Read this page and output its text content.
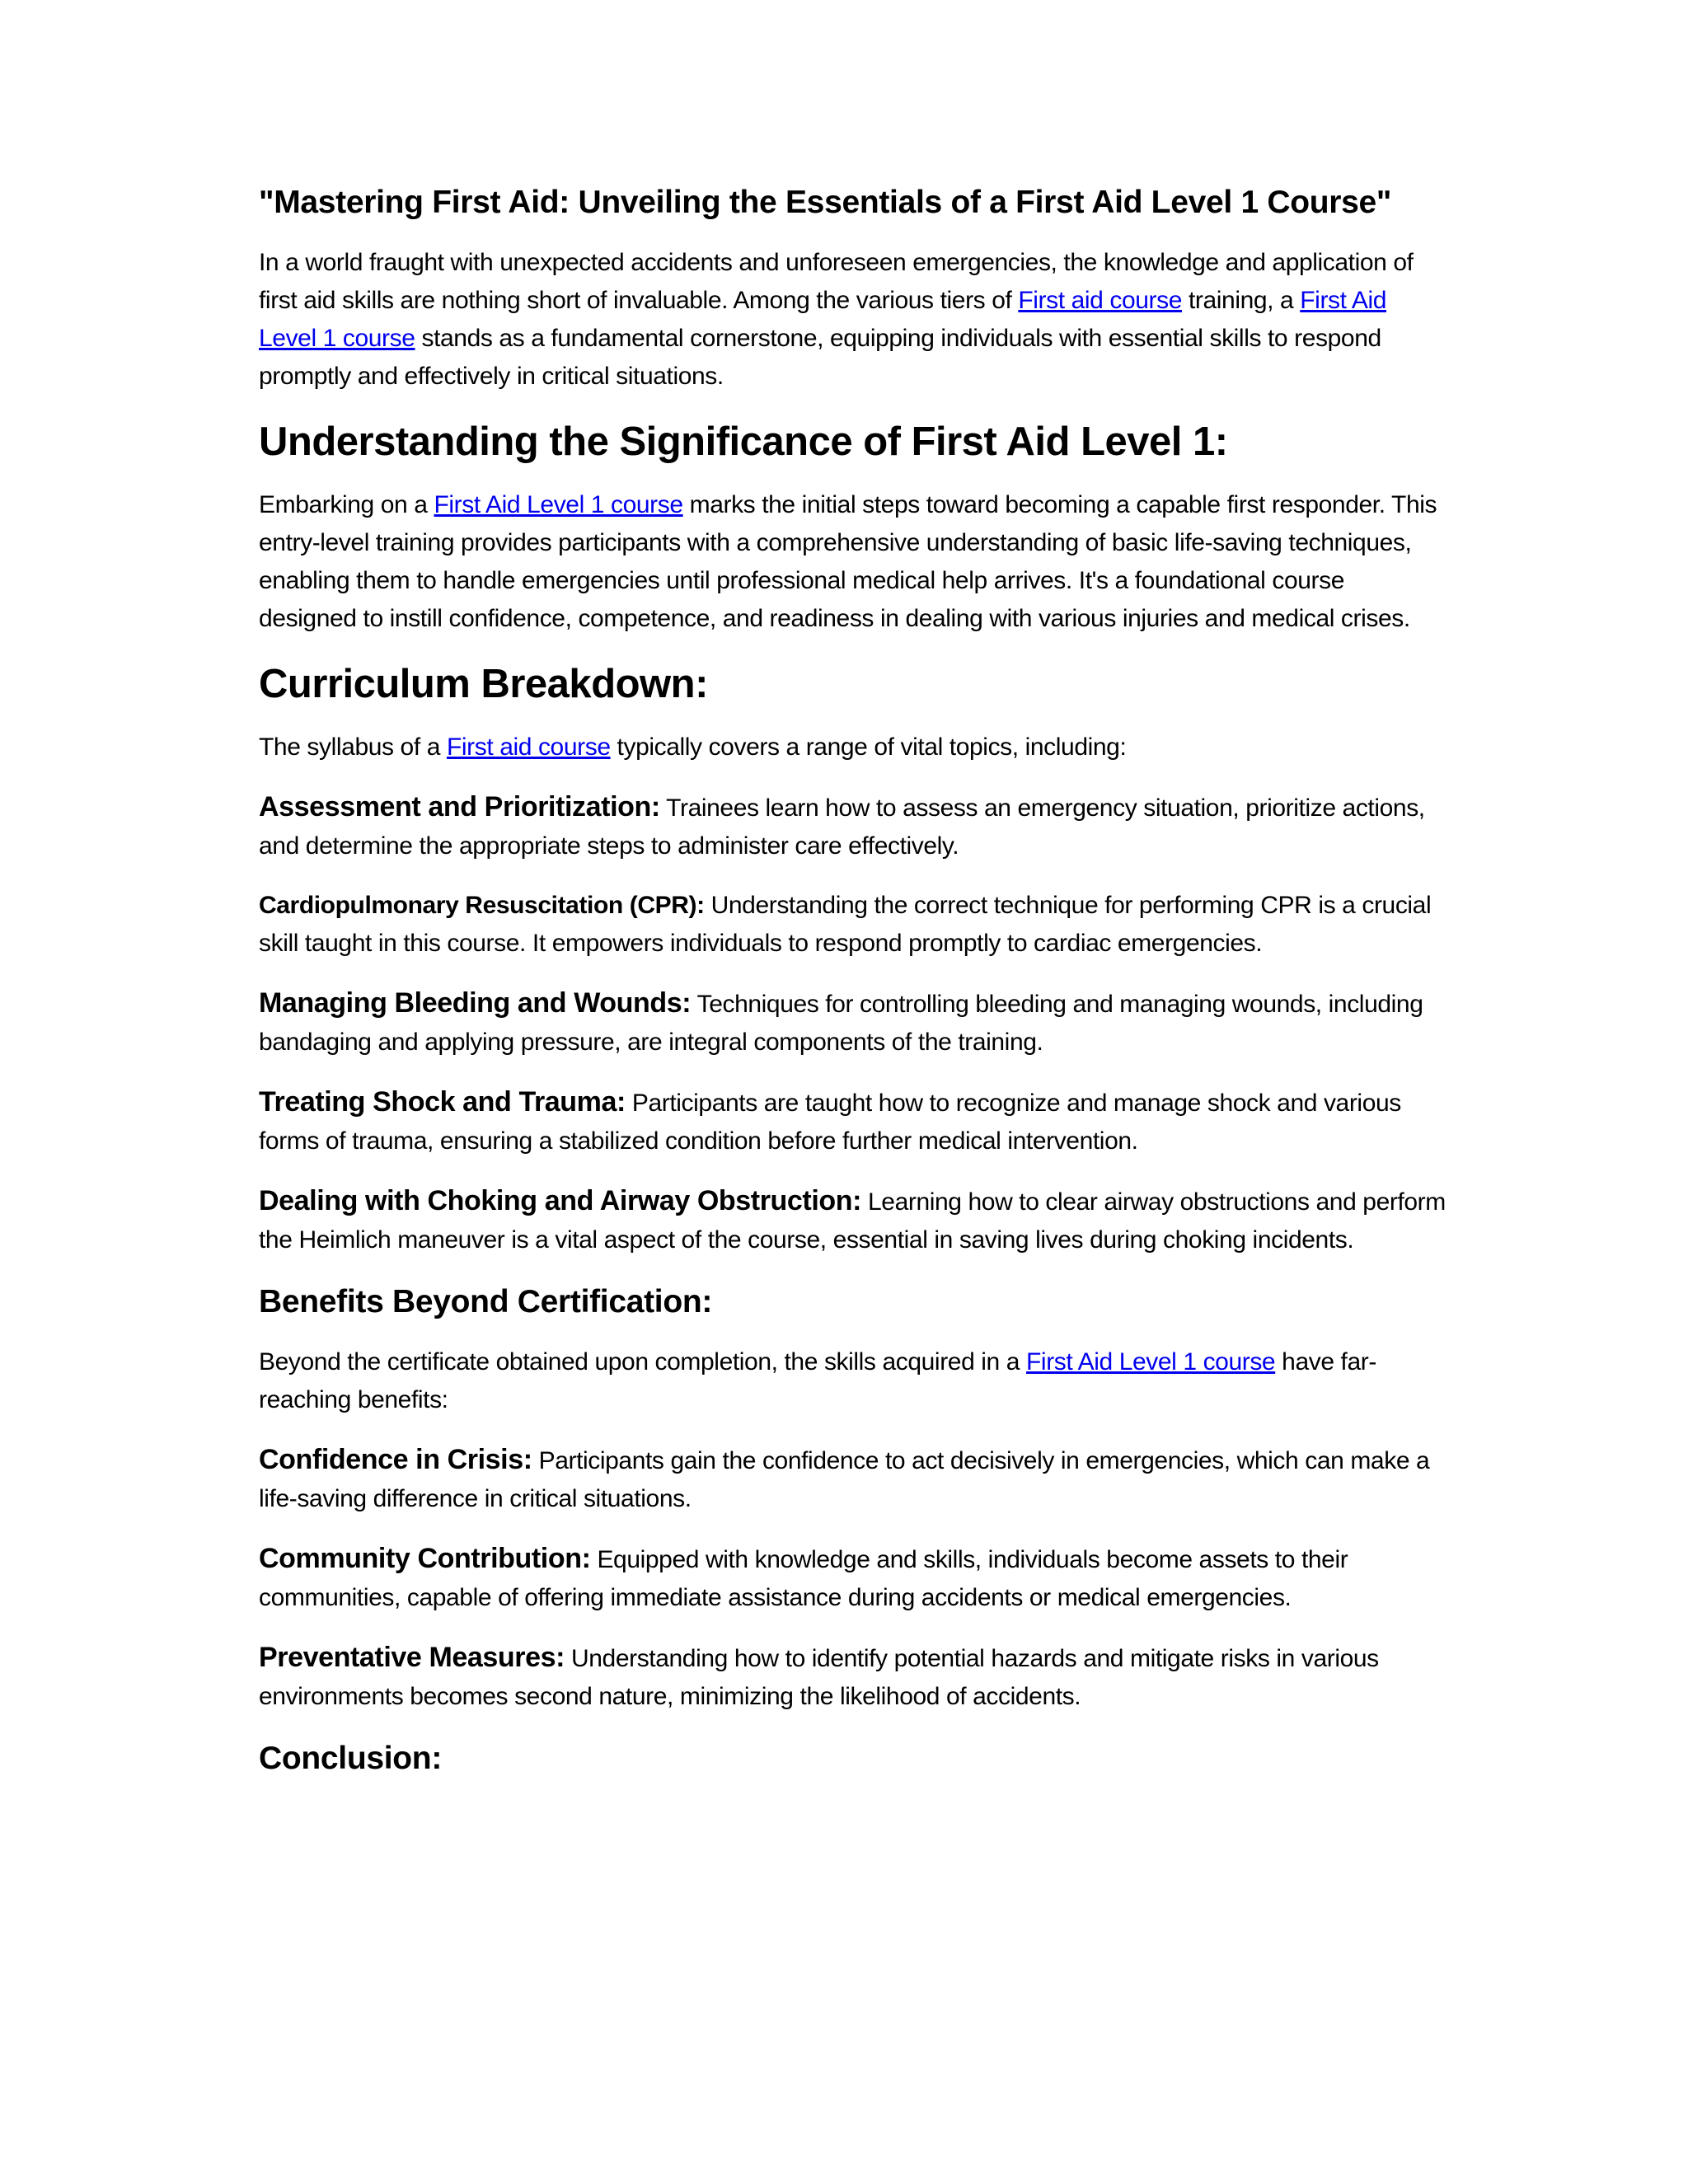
"Mastering First Aid: Unveiling the Essentials of a First Aid Level 1 Course"

In a world fraught with unexpected accidents and unforeseen emergencies, the knowledge and application of first aid skills are nothing short of invaluable. Among the various tiers of First aid course training, a First Aid Level 1 course stands as a fundamental cornerstone, equipping individuals with essential skills to respond promptly and effectively in critical situations.

Understanding the Significance of First Aid Level 1:

Embarking on a First Aid Level 1 course marks the initial steps toward becoming a capable first responder. This entry-level training provides participants with a comprehensive understanding of basic life-saving techniques, enabling them to handle emergencies until professional medical help arrives. It's a foundational course designed to instill confidence, competence, and readiness in dealing with various injuries and medical crises.

Curriculum Breakdown:

The syllabus of a First aid course typically covers a range of vital topics, including:

Assessment and Prioritization: Trainees learn how to assess an emergency situation, prioritize actions, and determine the appropriate steps to administer care effectively.

Cardiopulmonary Resuscitation (CPR): Understanding the correct technique for performing CPR is a crucial skill taught in this course. It empowers individuals to respond promptly to cardiac emergencies.

Managing Bleeding and Wounds: Techniques for controlling bleeding and managing wounds, including bandaging and applying pressure, are integral components of the training.

Treating Shock and Trauma: Participants are taught how to recognize and manage shock and various forms of trauma, ensuring a stabilized condition before further medical intervention.

Dealing with Choking and Airway Obstruction: Learning how to clear airway obstructions and perform the Heimlich maneuver is a vital aspect of the course, essential in saving lives during choking incidents.

Benefits Beyond Certification:

Beyond the certificate obtained upon completion, the skills acquired in a First Aid Level 1 course have far-reaching benefits:

Confidence in Crisis: Participants gain the confidence to act decisively in emergencies, which can make a life-saving difference in critical situations.

Community Contribution: Equipped with knowledge and skills, individuals become assets to their communities, capable of offering immediate assistance during accidents or medical emergencies.

Preventative Measures: Understanding how to identify potential hazards and mitigate risks in various environments becomes second nature, minimizing the likelihood of accidents.

Conclusion:
